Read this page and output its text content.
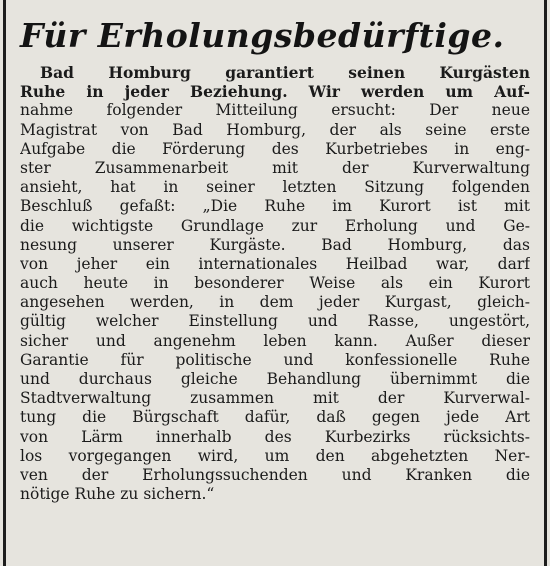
Für Erholungsbedürftige.
Bad Homburg garantiert seinen Kurgästen
Ruhe in jeder Beziehung. Wir werden um Auf-
nahme folgender Mitteilung ersucht: Der neue
Magistrat von Bad Homburg, der als seine erste
Aufgabe die Förderung des Kurbetriebes in eng-
ster Zusammenarbeit mit der Kurverwaltung
ansieht, hat in seiner letzten Sitzung folgenden
Beschluß gefaßt: „Die Ruhe im Kurort ist mit
die wichtigste Grundlage zur Erholung und Ge-
nesung unserer Kurgäste. Bad Homburg, das
von jeher ein internationales Heilbad war, darf
auch heute in besonderer Weise als ein Kurort
angesehen werden, in dem jeder Kurgast, gleich-
gültig welcher Einstellung und Rasse, ungestört,
sicher und angenehm leben kann. Außer dieser
Garantie für politische und konfessionelle Ruhe
und durchaus gleiche Behandlung übernimmt die
Stadtverwaltung zusammen mit der Kurverwal-
tung die Bürgschaft dafür, daß gegen jede Art
von Lärm innerhalb des Kurbezirks rücksichts-
los vorgegangen wird, um den abgehetzten Ner-
ven der Erholungssuchenden und Kranken die
nötige Ruhe zu sichern.“
